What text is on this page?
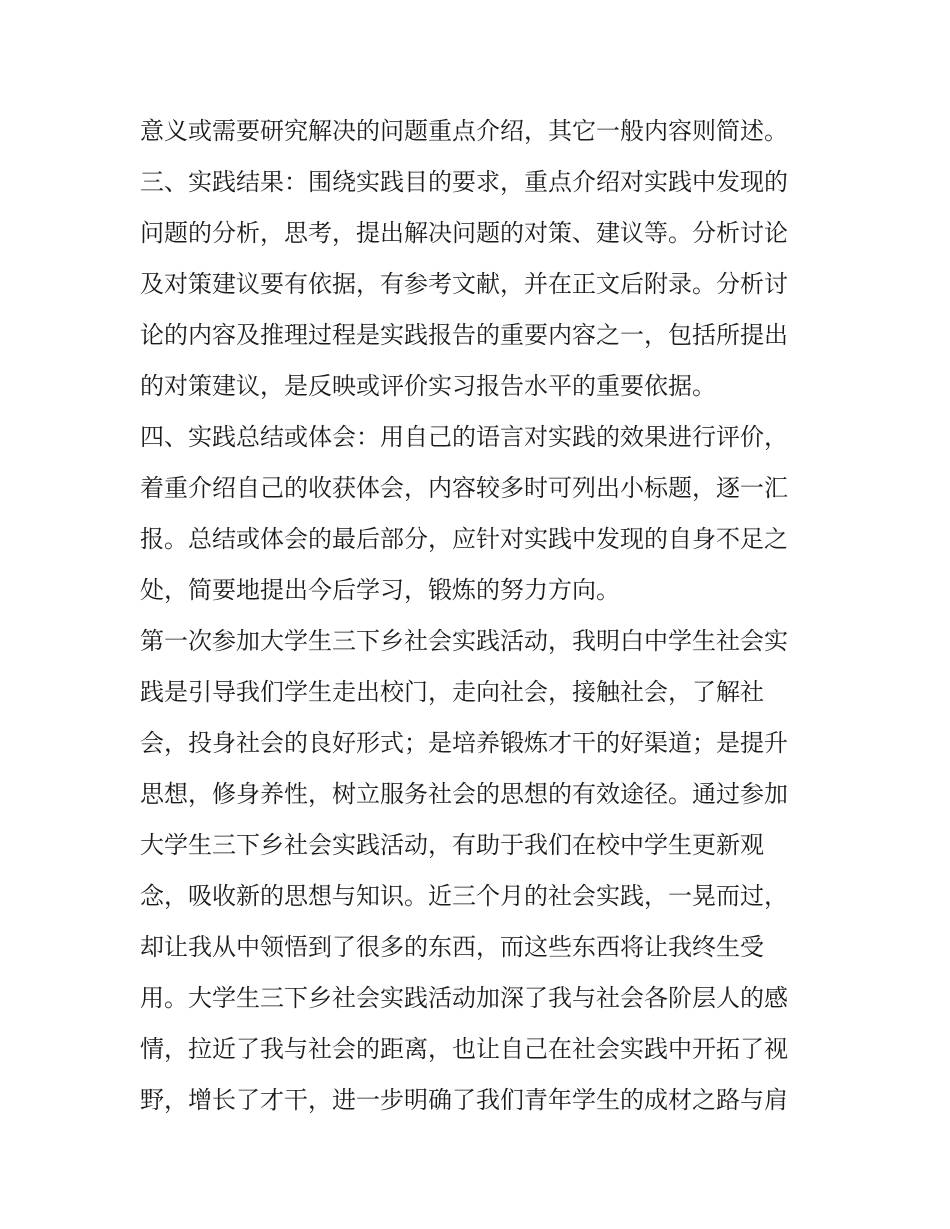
意义或需要研究解决的问题重点介绍，其它一般内容则简述。
三、实践结果：围绕实践目的要求，重点介绍对实践中发现的
问题的分析，思考，提出解决问题的对策、建议等。分析讨论
及对策建议要有依据，有参考文献，并在正文后附录。分析讨
论的内容及推理过程是实践报告的重要内容之一，包括所提出
的对策建议，是反映或评价实习报告水平的重要依据。
四、实践总结或体会：用自己的语言对实践的效果进行评价，
着重介绍自己的收获体会，内容较多时可列出小标题，逐一汇
报。总结或体会的最后部分，应针对实践中发现的自身不足之
处，简要地提出今后学习，锻炼的努力方向。
第一次参加大学生三下乡社会实践活动，我明白中学生社会实
践是引导我们学生走出校门，走向社会，接触社会，了解社
会，投身社会的良好形式；是培养锻炼才干的好渠道；是提升
思想，修身养性，树立服务社会的思想的有效途径。通过参加
大学生三下乡社会实践活动，有助于我们在校中学生更新观
念，吸收新的思想与知识。近三个月的社会实践，一晃而过，
却让我从中领悟到了很多的东西，而这些东西将让我终生受
用。大学生三下乡社会实践活动加深了我与社会各阶层人的感
情，拉近了我与社会的距离，也让自己在社会实践中开拓了视
野，增长了才干，进一步明确了我们青年学生的成材之路与肩
